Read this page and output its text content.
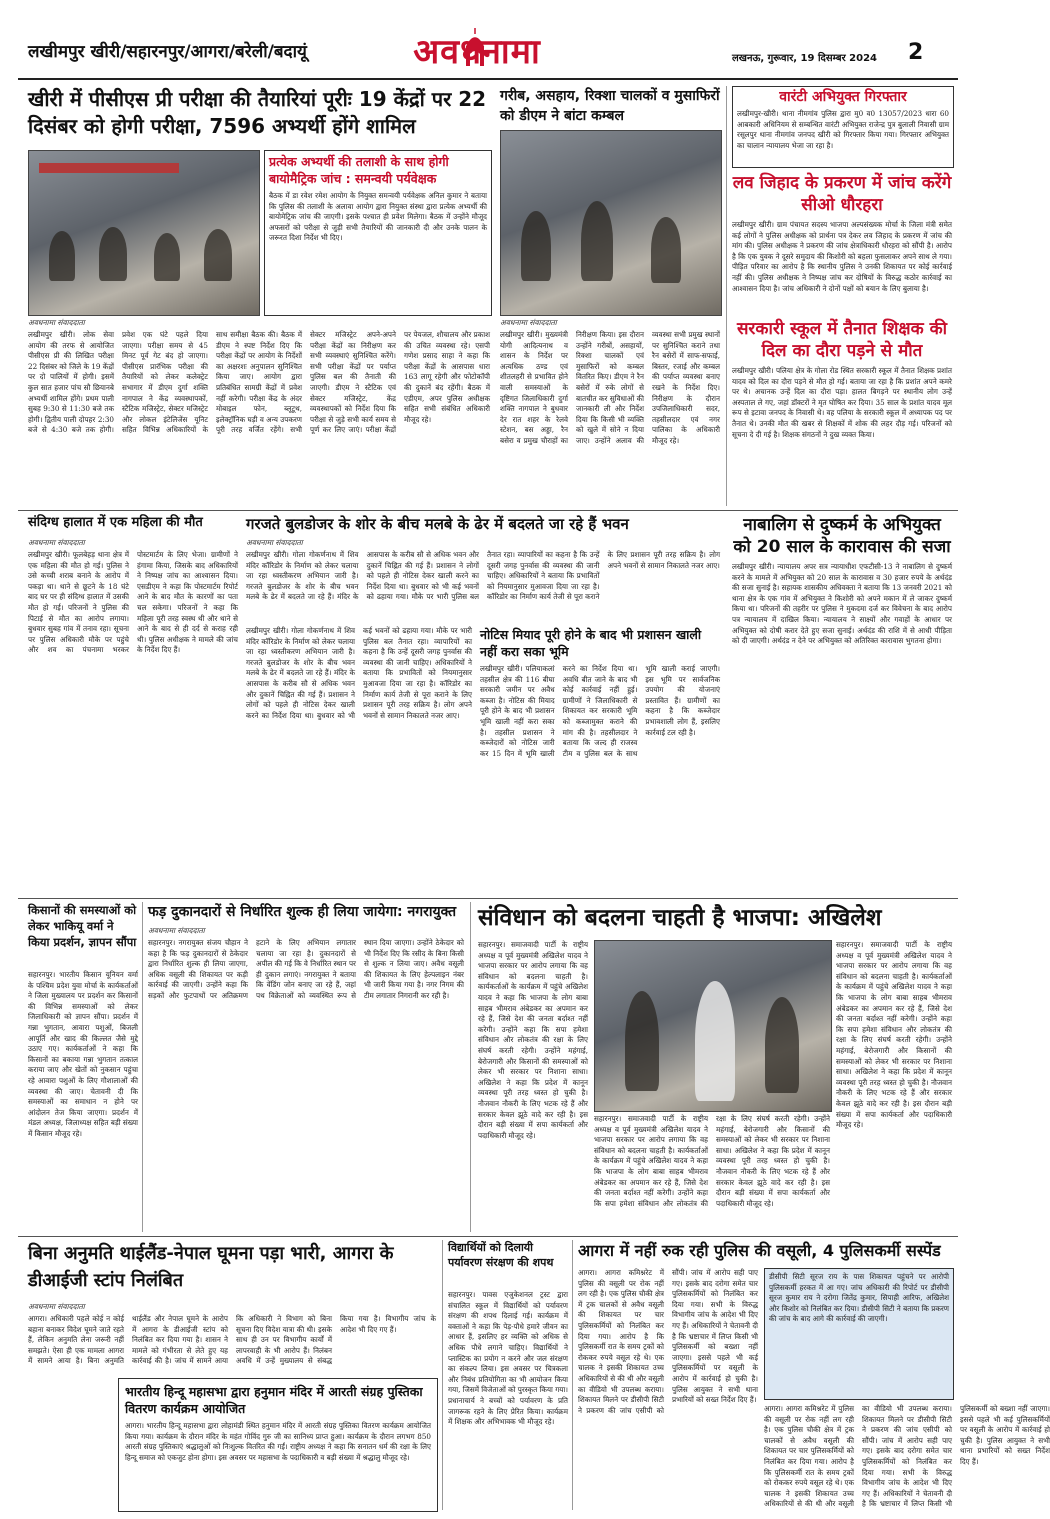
लखीमपुर खीरी/सहारनपुर/आगरा/बरेली/बदायूं	अवधनामा	लखनऊ, गुरूवार, 19 दिसम्बर 2024	2
खीरी में पीसीएस प्री परीक्षा की तैयारियां पूरीः 19 केंद्रों पर 22 दिसंबर को होगी परीक्षा, 7596 अभ्यर्थी होंगे शामिल
प्रत्येक अभ्यर्थी की तलाशी के साथ होगी बायोमैट्रिक जांच : समन्वयी पर्यवेक्षक
बैठक में डा रवेश रमेश आयोग के नियुक्त समन्वयी पर्यवेक्षक अनिल कुमार ने बताया कि पुलिस की तलाशी के अलावा आयोग द्वारा नियुक्त संस्था द्वारा प्रत्येक अभ्यर्थी की बायोमेट्रिक जांच की जाएगी। इसके पश्चात ही प्रवेश मिलेगा। बैठक में उन्होंने मौजूद अफसरों को परीक्षा से जुड़ी सभी तैयारियों की जानकारी दी और उनके पालन के जरूरत दिशा निर्देश भी दिए।
अवधनामा संवाददाता
लखीमपुर खीरी। लोक सेवा आयोग की तरफ से आयोजित पीसीएस प्री की लिखित परीक्षा 22 दिसंबर को जिले के 19 केंद्रों पर दो पालियों में होगी। इसमें कुल सात हजार पांच सौ छियानबे अभ्यर्थी शामिल होंगे। प्रथम पाली सुबह 9:30 से 11:30 बजे तक होगी। द्वितीय पाली दोपहर 2:30 बजे से 4:30 बजे तक होगी। प्रवेश एक घंटे पहले दिया जाएगा। परीक्षा समय से 45 मिनट पूर्व गेट बंद हो जाएगा। पीसीएस प्रारंभिक परीक्षा की तैयारियों को लेकर कलेक्ट्रेट सभागार में डीएम दुर्गा शक्ति नागपाल ने केंद्र व्यवस्थापकों, स्टैटिक मजिस्ट्रेट, सेक्टर मजिस्ट्रेट और लोकल इंटेलिजेंस यूनिट सहित विभिन्न अधिकारियों के साथ समीक्षा बैठक की। बैठक में डीएम ने स्पष्ट निर्देश दिए कि परीक्षा केंद्रों पर आयोग के निर्देशों का अक्षरशः अनुपालन सुनिश्चित किया जाए। आयोग द्वारा प्रतिबंधित सामग्री केंद्रों में प्रवेश नहीं करेगी। परीक्षा केंद्र के अंदर मोबाइल फोन, ब्लूटूथ, इलेक्ट्रॉनिक घड़ी व अन्य उपकरण पूरी तरह वर्जित रहेंगे। सभी सेक्टर मजिस्ट्रेट अपने-अपने परीक्षा केंद्रों का निरीक्षण कर सभी व्यवस्थाएं सुनिश्चित करेंगे। सभी परीक्षा केंद्रों पर पर्याप्त पुलिस बल की तैनाती की जाएगी। डीएम ने स्टैटिक एवं सेक्टर मजिस्ट्रेट, केंद्र व्यवस्थापकों को निर्देश दिया कि परीक्षा से जुड़े सभी कार्य समय से पूर्ण कर लिए जाएं। परीक्षा केंद्रों पर पेयजल, शौचालय और प्रकाश की उचित व्यवस्था रहे। एसपी गणेश प्रसाद साहा ने कहा कि परीक्षा केंद्रों के आसपास धारा 163 लागू रहेगी और फोटोकॉपी की दुकानें बंद रहेंगी। बैठक में एडीएम, अपर पुलिस अधीक्षक सहित सभी संबंधित अधिकारी मौजूद रहे।
गरीब, असहाय, रिक्शा चालकों व मुसाफिरों को डीएम ने बांटा कम्बल
अवधनामा संवाददाता
लखीमपुर खीरी। मुख्यमंत्री योगी आदित्यनाथ व शासन के निर्देश पर अत्यधिक ठण्ड एवं शीतलहरी से प्रभावित होने वाली समस्याओं के दृष्टिगत जिलाधिकारी दुर्गा शक्ति नागपाल ने बुधवार देर रात शहर के रेलवे स्टेशन, बस अड्डा, रैन बसेरा व प्रमुख चौराहों का निरीक्षण किया। इस दौरान उन्होंने गरीबों, असहायों, रिक्शा चालकों एवं मुसाफिरों को कम्बल वितरित किए। डीएम ने रैन बसेरों में रुके लोगों से बातचीत कर सुविधाओं की जानकारी ली और निर्देश दिया कि किसी भी व्यक्ति को खुले में सोने न दिया जाए। उन्होंने अलाव की व्यवस्था सभी प्रमुख स्थानों पर सुनिश्चित कराने तथा रैन बसेरों में साफ-सफाई, बिस्तर, रजाई और कम्बल की पर्याप्त व्यवस्था बनाए रखने के निर्देश दिए। निरीक्षण के दौरान उपजिलाधिकारी सदर, तहसीलदार एवं नगर पालिका के अधिकारी मौजूद रहे।
वारंटी अभियुक्त गिरफ्तार
लखीमपुर-खीरी। थाना नीमगांव पुलिस द्वारा मु0 व0 13057/2023 धारा 60 आबकारी अधिनियम से सम्बन्धित वारंटी अभियुक्त राजेन्द्र पुत्र बुलाली निवासी ग्राम रसूलपुर थाना नीमगांव जनपद खीरी को गिरफ्तार किया गया। गिरफ्तार अभियुक्त का चालान न्यायालय भेजा जा रहा है।
लव जिहाद के प्रकरण में जांच करेंगे सीओ धौरहरा
लखीमपुर खीरी। ग्राम पंचायत सदस्य भाजपा अल्पसंख्यक मोर्चा के जिला मंत्री समेत कई लोगों ने पुलिस अधीक्षक को प्रार्थना पत्र देकर लव जिहाद के प्रकरण में जांच की मांग की। पुलिस अधीक्षक ने प्रकरण की जांच क्षेत्राधिकारी धौरहरा को सौंपी है। आरोप है कि एक युवक ने दूसरे समुदाय की किशोरी को बहला फुसलाकर अपने साथ ले गया। पीड़ित परिवार का आरोप है कि स्थानीय पुलिस ने उनकी शिकायत पर कोई कार्रवाई नहीं की। पुलिस अधीक्षक ने निष्पक्ष जांच कर दोषियों के विरुद्ध कठोर कार्रवाई का आश्वासन दिया है। जांच अधिकारी ने दोनों पक्षों को बयान के लिए बुलाया है।
सरकारी स्कूल में तैनात शिक्षक की दिल का दौरा पड़ने से मौत
लखीमपुर खीरी। पलिया क्षेत्र के गोला रोड स्थित सरकारी स्कूल में तैनात शिक्षक प्रशांत यादव को दिल का दौरा पड़ने से मौत हो गई। बताया जा रहा है कि प्रशांत अपने कमरे पर थे। अचानक उन्हें दिल का दौरा पड़ा। हालत बिगड़ने पर स्थानीय लोग उन्हें अस्पताल ले गए, जहां डॉक्टरों ने मृत घोषित कर दिया। 35 साल के प्रशांत यादव मूल रूप से इटावा जनपद के निवासी थे। वह पलिया के सरकारी स्कूल में अध्यापक पद पर तैनात थे। उनकी मौत की खबर से शिक्षकों में शोक की लहर दौड़ गई। परिजनों को सूचना दे दी गई है। शिक्षक संगठनों ने दुख व्यक्त किया।
संदिग्ध हालात में एक महिला की मौत
अवधनामा संवाददाता
लखीमपुर खीरी। फूलबेहड़ थाना क्षेत्र में एक महिला की मौत हो गई। पुलिस ने उसे कच्ची शराब बनाने के आरोप में पकड़ा था। थाने से छूटने के 18 घंटे बाद घर पर ही संदिग्ध हालात में उसकी मौत हो गई। परिजनों ने पुलिस की पिटाई से मौत का आरोप लगाया। बुधवार सुबह गांव में तनाव रहा। सूचना पर पुलिस अधिकारी मौके पर पहुंचे और शव का पंचनामा भरकर पोस्टमार्टम के लिए भेजा। ग्रामीणों ने हंगामा किया, जिसके बाद अधिकारियों ने निष्पक्ष जांच का आश्वासन दिया। एसडीएम ने कहा कि पोस्टमार्टम रिपोर्ट आने के बाद मौत के कारणों का पता चल सकेगा। परिजनों ने कहा कि महिला पूरी तरह स्वस्थ थी और थाने से आने के बाद से ही दर्द से कराह रही थी। पुलिस अधीक्षक ने मामले की जांच के निर्देश दिए हैं।
गरजते बुलडोजर के शोर के बीच मलबे के ढेर में बदलते जा रहे हैं भवन
अवधनामा संवाददाता
लखीमपुर खीरी। गोला गोकर्णनाथ में शिव मंदिर कॉरिडोर के निर्माण को लेकर चलाया जा रहा ध्वस्तीकरण अभियान जारी है। गरजते बुलडोजर के शोर के बीच भवन मलबे के ढेर में बदलते जा रहे हैं। मंदिर के आसपास के करीब सौ से अधिक भवन और दुकानें चिह्नित की गई हैं। प्रशासन ने लोगों को पहले ही नोटिस देकर खाली करने का निर्देश दिया था। बुधवार को भी कई भवनों को ढहाया गया। मौके पर भारी पुलिस बल तैनात रहा। व्यापारियों का कहना है कि उन्हें दूसरी जगह पुनर्वास की व्यवस्था की जानी चाहिए। अधिकारियों ने बताया कि प्रभावितों को नियमानुसार मुआवजा दिया जा रहा है। कॉरिडोर का निर्माण कार्य तेजी से पूरा कराने के लिए प्रशासन पूरी तरह सक्रिय है। लोग अपने भवनों से सामान निकालते नजर आए।
नोटिस मियाद पूरी होने के बाद भी प्रशासन खाली नहीं करा सका भूमि
लखीमपुर खीरी। पलियाकलां तहसील क्षेत्र की 116 बीघा सरकारी जमीन पर अवैध कब्जा है। नोटिस की मियाद पूरी होने के बाद भी प्रशासन भूमि खाली नहीं करा सका है। तहसील प्रशासन ने कब्जेदारों को नोटिस जारी कर 15 दिन में भूमि खाली करने का निर्देश दिया था। अवधि बीत जाने के बाद भी कोई कार्रवाई नहीं हुई। ग्रामीणों ने जिलाधिकारी से शिकायत कर सरकारी भूमि को कब्जामुक्त कराने की मांग की है। तहसीलदार ने बताया कि जल्द ही राजस्व टीम व पुलिस बल के साथ भूमि खाली कराई जाएगी। इस भूमि पर सार्वजनिक उपयोग की योजनाएं प्रस्तावित हैं। ग्रामीणों का कहना है कि कब्जेदार प्रभावशाली लोग हैं, इसलिए कार्रवाई टल रही है।
लखीमपुर खीरी। गोला गोकर्णनाथ में शिव मंदिर कॉरिडोर के निर्माण को लेकर चलाया जा रहा ध्वस्तीकरण अभियान जारी है। गरजते बुलडोजर के शोर के बीच भवन मलबे के ढेर में बदलते जा रहे हैं। मंदिर के आसपास के करीब सौ से अधिक भवन और दुकानें चिह्नित की गई हैं। प्रशासन ने लोगों को पहले ही नोटिस देकर खाली करने का निर्देश दिया था। बुधवार को भी कई भवनों को ढहाया गया। मौके पर भारी पुलिस बल तैनात रहा। व्यापारियों का कहना है कि उन्हें दूसरी जगह पुनर्वास की व्यवस्था की जानी चाहिए। अधिकारियों ने बताया कि प्रभावितों को नियमानुसार मुआवजा दिया जा रहा है। कॉरिडोर का निर्माण कार्य तेजी से पूरा कराने के लिए प्रशासन पूरी तरह सक्रिय है। लोग अपने भवनों से सामान निकालते नजर आए।
नाबालिग से दुष्कर्म के अभियुक्त को 20 साल के कारावास की सजा
लखीमपुर खीरी। न्यायालय अपर सत्र न्यायाधीश एफटीसी-13 ने नाबालिग से दुष्कर्म करने के मामले में अभियुक्त को 20 साल के कारावास व 30 हजार रुपये के अर्थदंड की सजा सुनाई है। सहायक शासकीय अधिवक्ता ने बताया कि 13 जनवरी 2021 को थाना क्षेत्र के एक गांव में अभियुक्त ने किशोरी को अपने मकान में ले जाकर दुष्कर्म किया था। परिजनों की तहरीर पर पुलिस ने मुकदमा दर्ज कर विवेचना के बाद आरोप पत्र न्यायालय में दाखिल किया। न्यायालय ने साक्ष्यों और गवाहों के आधार पर अभियुक्त को दोषी करार देते हुए सजा सुनाई। अर्थदंड की राशि में से आधी पीड़िता को दी जाएगी। अर्थदंड न देने पर अभियुक्त को अतिरिक्त कारावास भुगतना होगा।
किसानों की समस्याओं को लेकर भाकियू वर्मा ने किया प्रदर्शन, ज्ञापन सौंपा
सहारनपुर। भारतीय किसान यूनियन वर्मा के पश्चिम प्रदेश युवा मोर्चा के कार्यकर्ताओं ने जिला मुख्यालय पर प्रदर्शन कर किसानों की विभिन्न समस्याओं को लेकर जिलाधिकारी को ज्ञापन सौंपा। प्रदर्शन में गन्ना भुगतान, आवारा पशुओं, बिजली आपूर्ति और खाद की किल्लत जैसे मुद्दे उठाए गए। कार्यकर्ताओं ने कहा कि किसानों का बकाया गन्ना भुगतान तत्काल कराया जाए और खेतों को नुकसान पहुंचा रहे आवारा पशुओं के लिए गौशालाओं की व्यवस्था की जाए। चेतावनी दी कि समस्याओं का समाधान न होने पर आंदोलन तेज किया जाएगा। प्रदर्शन में मंडल अध्यक्ष, जिलाध्यक्ष सहित बड़ी संख्या में किसान मौजूद रहे।
फड़ दुकानदारों से निर्धारित शुल्क ही लिया जायेगा: नगरायुक्त
अवधनामा संवाददाता
सहारनपुर। नगरायुक्त संजय चौहान ने कहा है कि फड़ दुकानदारों से ठेकेदार द्वारा निर्धारित शुल्क ही लिया जाएगा, अधिक वसूली की शिकायत पर कड़ी कार्रवाई की जाएगी। उन्होंने कहा कि सड़कों और फुटपाथों पर अतिक्रमण हटाने के लिए अभियान लगातार चलाया जा रहा है। दुकानदारों से अपील की गई कि वे निर्धारित स्थान पर ही दुकान लगाएं। नगरायुक्त ने बताया कि वेंडिंग जोन बनाए जा रहे हैं, जहां पथ विक्रेताओं को व्यवस्थित रूप से स्थान दिया जाएगा। उन्होंने ठेकेदार को भी निर्देश दिए कि रसीद के बिना किसी से शुल्क न लिया जाए। अवैध वसूली की शिकायत के लिए हेल्पलाइन नंबर भी जारी किया गया है। नगर निगम की टीम लगातार निगरानी कर रही है।
संविधान को बदलना चाहती है भाजपा: अखिलेश
सहारनपुर। समाजवादी पार्टी के राष्ट्रीय अध्यक्ष व पूर्व मुख्यमंत्री अखिलेश यादव ने भाजपा सरकार पर आरोप लगाया कि वह संविधान को बदलना चाहती है। कार्यकर्ताओं के कार्यक्रम में पहुंचे अखिलेश यादव ने कहा कि भाजपा के लोग बाबा साहब भीमराव अंबेडकर का अपमान कर रहे हैं, जिसे देश की जनता बर्दाश्त नहीं करेगी। उन्होंने कहा कि सपा हमेशा संविधान और लोकतंत्र की रक्षा के लिए संघर्ष करती रहेगी। उन्होंने महंगाई, बेरोजगारी और किसानों की समस्याओं को लेकर भी सरकार पर निशाना साधा। अखिलेश ने कहा कि प्रदेश में कानून व्यवस्था पूरी तरह ध्वस्त हो चुकी है। नौजवान नौकरी के लिए भटक रहे हैं और सरकार केवल झूठे वादे कर रही है। इस दौरान बड़ी संख्या में सपा कार्यकर्ता और पदाधिकारी मौजूद रहे।
सहारनपुर। समाजवादी पार्टी के राष्ट्रीय अध्यक्ष व पूर्व मुख्यमंत्री अखिलेश यादव ने भाजपा सरकार पर आरोप लगाया कि वह संविधान को बदलना चाहती है। कार्यकर्ताओं के कार्यक्रम में पहुंचे अखिलेश यादव ने कहा कि भाजपा के लोग बाबा साहब भीमराव अंबेडकर का अपमान कर रहे हैं, जिसे देश की जनता बर्दाश्त नहीं करेगी। उन्होंने कहा कि सपा हमेशा संविधान और लोकतंत्र की रक्षा के लिए संघर्ष करती रहेगी। उन्होंने महंगाई, बेरोजगारी और किसानों की समस्याओं को लेकर भी सरकार पर निशाना साधा। अखिलेश ने कहा कि प्रदेश में कानून व्यवस्था पूरी तरह ध्वस्त हो चुकी है। नौजवान नौकरी के लिए भटक रहे हैं और सरकार केवल झूठे वादे कर रही है। इस दौरान बड़ी संख्या में सपा कार्यकर्ता और पदाधिकारी मौजूद रहे।
सहारनपुर। समाजवादी पार्टी के राष्ट्रीय अध्यक्ष व पूर्व मुख्यमंत्री अखिलेश यादव ने भाजपा सरकार पर आरोप लगाया कि वह संविधान को बदलना चाहती है। कार्यकर्ताओं के कार्यक्रम में पहुंचे अखिलेश यादव ने कहा कि भाजपा के लोग बाबा साहब भीमराव अंबेडकर का अपमान कर रहे हैं, जिसे देश की जनता बर्दाश्त नहीं करेगी। उन्होंने कहा कि सपा हमेशा संविधान और लोकतंत्र की रक्षा के लिए संघर्ष करती रहेगी। उन्होंने महंगाई, बेरोजगारी और किसानों की समस्याओं को लेकर भी सरकार पर निशाना साधा। अखिलेश ने कहा कि प्रदेश में कानून व्यवस्था पूरी तरह ध्वस्त हो चुकी है। नौजवान नौकरी के लिए भटक रहे हैं और सरकार केवल झूठे वादे कर रही है। इस दौरान बड़ी संख्या में सपा कार्यकर्ता और पदाधिकारी मौजूद रहे।
बिना अनुमति थाईलैंड-नेपाल घूमना पड़ा भारी, आगरा के डीआईजी स्टांप निलंबित
अवधनामा संवाददाता
आगरा। अधिकारी पहले कोई न कोई बहाना बनाकर विदेश घूमने जाते रहते हैं, लेकिन अनुमति लेना जरूरी नहीं समझते। ऐसा ही एक मामला आगरा में सामने आया है। बिना अनुमति थाईलैंड और नेपाल घूमने के आरोप में आगरा के डीआईजी स्टांप को निलंबित कर दिया गया है। शासन ने मामले को गंभीरता से लेते हुए यह कार्रवाई की है। जांच में सामने आया कि अधिकारी ने विभाग को बिना सूचना दिए विदेश यात्रा की थी। इसके साथ ही उन पर विभागीय कार्यों में लापरवाही के भी आरोप हैं। निलंबन अवधि में उन्हें मुख्यालय से संबद्ध किया गया है। विभागीय जांच के आदेश भी दिए गए हैं।
भारतीय हिन्दू महासभा द्वारा हनुमान मंदिर में आरती संग्रह पुस्तिका वितरण कार्यक्रम आयोजित
आगरा। भारतीय हिन्दू महासभा द्वारा लोहामंडी स्थित हनुमान मंदिर में आरती संग्रह पुस्तिका वितरण कार्यक्रम आयोजित किया गया। कार्यक्रम के दौरान मंदिर के महंत गोविंद गुरु जी का सानिध्य प्राप्त हुआ। कार्यक्रम के दौरान लगभग 850 आरती संग्रह पुस्तिकाएं श्रद्धालुओं को निःशुल्क वितरित की गईं। राष्ट्रीय अध्यक्ष ने कहा कि सनातन धर्म की रक्षा के लिए हिन्दू समाज को एकजुट होना होगा। इस अवसर पर महासभा के पदाधिकारी व बड़ी संख्या में श्रद्धालु मौजूद रहे।
विद्यार्थियों को दिलायी पर्यावरण संरक्षण की शपथ
सहारनपुर। पावस एजुकेशनल ट्रस्ट द्वारा संचालित स्कूल में विद्यार्थियों को पर्यावरण संरक्षण की शपथ दिलाई गई। कार्यक्रम में वक्ताओं ने कहा कि पेड़-पौधे हमारे जीवन का आधार हैं, इसलिए हर व्यक्ति को अधिक से अधिक पौधे लगाने चाहिए। विद्यार्थियों ने प्लास्टिक का प्रयोग न करने और जल संरक्षण का संकल्प लिया। इस अवसर पर चित्रकला और निबंध प्रतियोगिता का भी आयोजन किया गया, जिसमें विजेताओं को पुरस्कृत किया गया। प्रधानाचार्य ने बच्चों को पर्यावरण के प्रति जागरूक रहने के लिए प्रेरित किया। कार्यक्रम में शिक्षक और अभिभावक भी मौजूद रहे।
आगरा में नहीं रुक रही पुलिस की वसूली, 4 पुलिसकर्मी सस्पेंड
आगरा। आगरा कमिश्नरेट में पुलिस की वसूली पर रोक नहीं लग रही है। एक पुलिस चौकी क्षेत्र में ट्रक चालकों से अवैध वसूली की शिकायत पर चार पुलिसकर्मियों को निलंबित कर दिया गया। आरोप है कि पुलिसकर्मी रात के समय ट्रकों को रोककर रुपये वसूल रहे थे। एक चालक ने इसकी शिकायत उच्च अधिकारियों से की थी और वसूली का वीडियो भी उपलब्ध कराया। शिकायत मिलने पर डीसीपी सिटी ने प्रकरण की जांच एसीपी को सौंपी। जांच में आरोप सही पाए गए। इसके बाद दरोगा समेत चार पुलिसकर्मियों को निलंबित कर दिया गया। सभी के विरुद्ध विभागीय जांच के आदेश भी दिए गए हैं। अधिकारियों ने चेतावनी दी है कि भ्रष्टाचार में लिप्त किसी भी पुलिसकर्मी को बख्शा नहीं जाएगा। इससे पहले भी कई पुलिसकर्मियों पर वसूली के आरोप में कार्रवाई हो चुकी है। पुलिस आयुक्त ने सभी थाना प्रभारियों को सख्त निर्देश दिए हैं।
डीसीपी सिटी सूरज राय के पास शिकायत पहुंचने पर आरोपी पुलिसकर्मी हरकत में आ गए। जांच अधिकारी की रिपोर्ट पर डीसीपी सूरज कुमार राय ने दरोगा जितेंद्र कुमार, सिपाही आरिफ, अखिलेश और किशोर को निलंबित कर दिया। डीसीपी सिटी ने बताया कि प्रकरण की जांच के बाद आगे की कार्रवाई की जाएगी।
आगरा। आगरा कमिश्नरेट में पुलिस की वसूली पर रोक नहीं लग रही है। एक पुलिस चौकी क्षेत्र में ट्रक चालकों से अवैध वसूली की शिकायत पर चार पुलिसकर्मियों को निलंबित कर दिया गया। आरोप है कि पुलिसकर्मी रात के समय ट्रकों को रोककर रुपये वसूल रहे थे। एक चालक ने इसकी शिकायत उच्च अधिकारियों से की थी और वसूली का वीडियो भी उपलब्ध कराया। शिकायत मिलने पर डीसीपी सिटी ने प्रकरण की जांच एसीपी को सौंपी। जांच में आरोप सही पाए गए। इसके बाद दरोगा समेत चार पुलिसकर्मियों को निलंबित कर दिया गया। सभी के विरुद्ध विभागीय जांच के आदेश भी दिए गए हैं। अधिकारियों ने चेतावनी दी है कि भ्रष्टाचार में लिप्त किसी भी पुलिसकर्मी को बख्शा नहीं जाएगा। इससे पहले भी कई पुलिसकर्मियों पर वसूली के आरोप में कार्रवाई हो चुकी है। पुलिस आयुक्त ने सभी थाना प्रभारियों को सख्त निर्देश दिए हैं।
